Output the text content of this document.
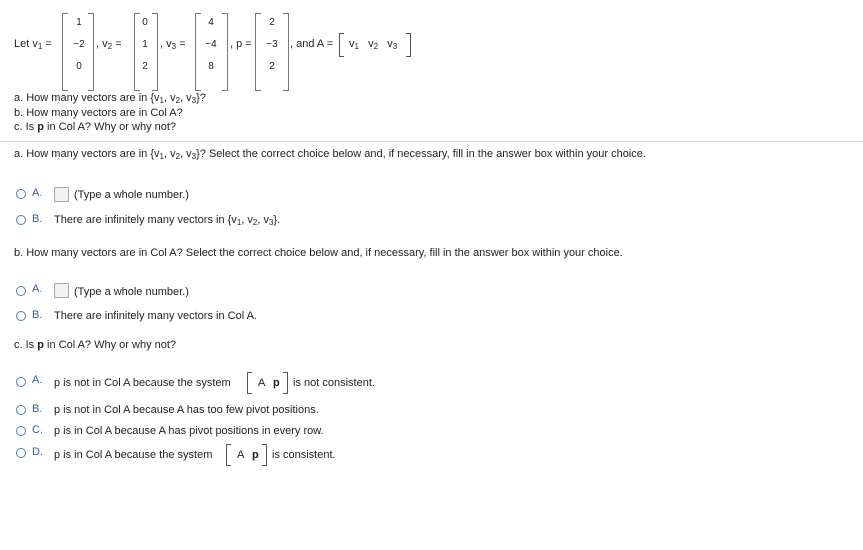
Let $v_1$ =
1
−2
0
, $v_2$ =
0
1
2
, $v_3$ =
4
−4
8
, p =
2
−3
2
, and $A = v_1$ $v_2$ $v_3$
a. How many vectors are in {$v_1$, $v_2$, $v_3$}?
b. How many vectors are in Col A?
c. Is p in Col A? Why or why not?
a. How many vectors are in {$v_1$, $v_2$, $v_3$}? Select the correct choice below and, if necessary, fill in the answer box within your choice.
A.	(Type a whole number.)
B. There are infinitely many vectors in {$v_1$, $v_2$, $v_3$}.
b. How many vectors are in Col A? Select the correct choice below and, if necessary, fill in the answer box within your choice.
A.	(Type a whole number.)
B. There are infinitely many vectors in Col A.
c. Is p in Col A? Why or why not?
A. p is not in Col A because the system A p is not consistent.
B. p is not in Col A because A has too few pivot positions.
C. p is in Col A because A has pivot positions in every row.
D. p is in Col A because the system A p is consistent.
